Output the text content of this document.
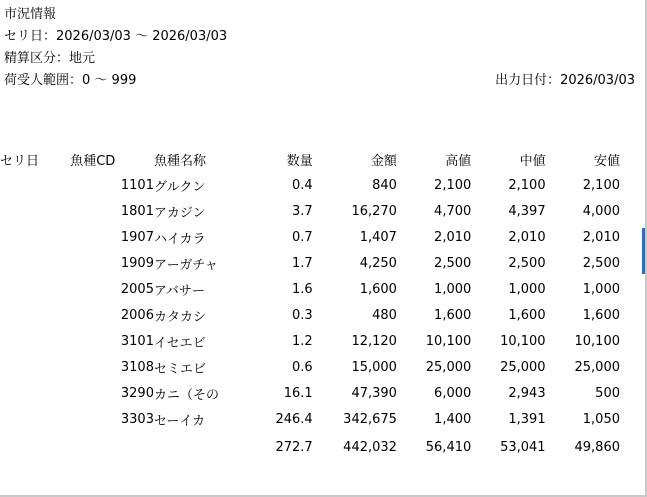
市況情報
セリ日：2026/03/03 ～ 2026/03/03
精算区分：地元
荷受人範囲：0 ～ 999	出力日付：2026/03/03
セリ日	魚種CD	魚種名称	数量	金額	高値	中値	安値
	1101	グルクン	0.4	840	2,100	2,100	2,100
	1801	アカジン	3.7	16,270	4,700	4,397	4,000
	1907	ハイカラ	0.7	1,407	2,010	2,010	2,010
	1909	アーガチャ	1.7	4,250	2,500	2,500	2,500
	2005	アバサー	1.6	1,600	1,000	1,000	1,000
	2006	カタカシ	0.3	480	1,600	1,600	1,600
	3101	イセエビ	1.2	12,120	10,100	10,100	10,100
	3108	セミエビ	0.6	15,000	25,000	25,000	25,000
	3290	カニ（その	16.1	47,390	6,000	2,943	500
	3303	セーイカ	246.4	342,675	1,400	1,391	1,050
			272.7	442,032	56,410	53,041	49,860
